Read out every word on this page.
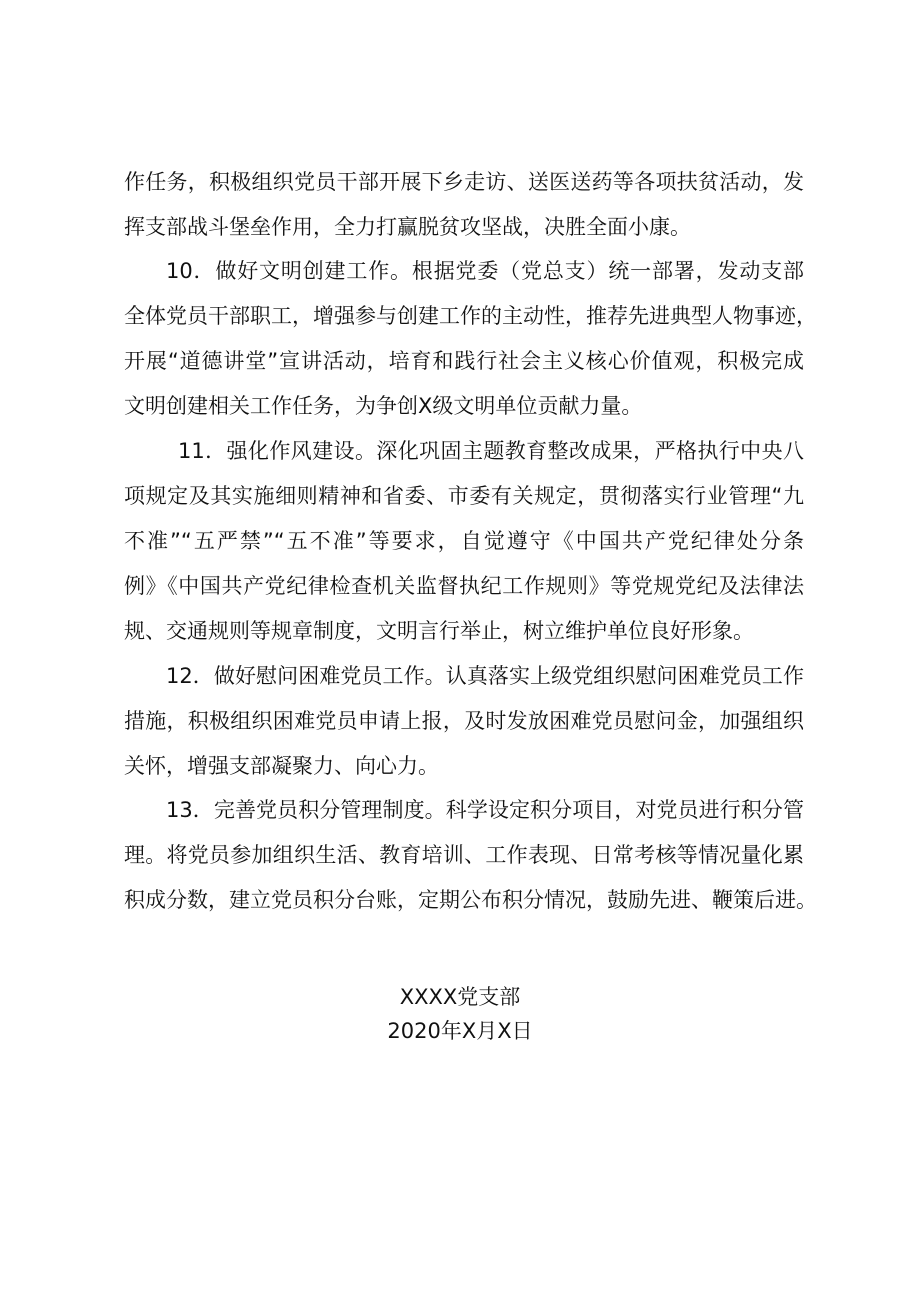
作任务，积极组织党员干部开展下乡走访、送医送药等各项扶贫活动，发
挥支部战斗堡垒作用，全力打赢脱贫攻坚战，决胜全面小康。
10．做好文明创建工作。根据党委（党总支）统一部署，发动支部
全体党员干部职工，增强参与创建工作的主动性，推荐先进典型人物事迹，
开展“道德讲堂”宣讲活动，培育和践行社会主义核心价值观，积极完成
文明创建相关工作任务，为争创X级文明单位贡献力量。
11．强化作风建设。深化巩固主题教育整改成果，严格执行中央八
项规定及其实施细则精神和省委、市委有关规定，贯彻落实行业管理“九
不准”“五严禁”“五不准”等要求，自觉遵守《中国共产党纪律处分条
例》《中国共产党纪律检查机关监督执纪工作规则》等党规党纪及法律法
规、交通规则等规章制度，文明言行举止，树立维护单位良好形象。
12．做好慰问困难党员工作。认真落实上级党组织慰问困难党员工作
措施，积极组织困难党员申请上报，及时发放困难党员慰问金，加强组织
关怀，增强支部凝聚力、向心力。
13．完善党员积分管理制度。科学设定积分项目，对党员进行积分管
理。将党员参加组织生活、教育培训、工作表现、日常考核等情况量化累
积成分数，建立党员积分台账，定期公布积分情况，鼓励先进、鞭策后进。
XXXX党支部
2020年X月X日
